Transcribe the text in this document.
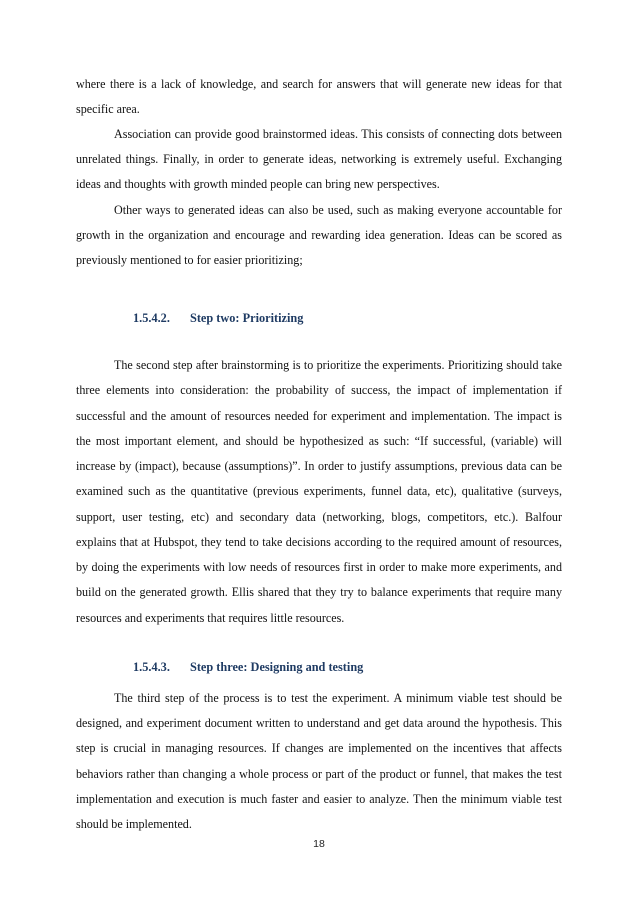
where there is a lack of knowledge, and search for answers that will generate new ideas for that specific area.

Association can provide good brainstormed ideas. This consists of connecting dots between unrelated things. Finally, in order to generate ideas, networking is extremely useful. Exchanging ideas and thoughts with growth minded people can bring new perspectives.

Other ways to generated ideas can also be used, such as making everyone accountable for growth in the organization and encourage and rewarding idea generation. Ideas can be scored as previously mentioned to for easier prioritizing;

1.5.4.2. Step two: Prioritizing

The second step after brainstorming is to prioritize the experiments. Prioritizing should take three elements into consideration: the probability of success, the impact of implementation if successful and the amount of resources needed for experiment and implementation. The impact is the most important element, and should be hypothesized as such: “If successful, (variable) will increase by (impact), because (assumptions)”. In order to justify assumptions, previous data can be examined such as the quantitative (previous experiments, funnel data, etc), qualitative (surveys, support, user testing, etc) and secondary data (networking, blogs, competitors, etc.). Balfour explains that at Hubspot, they tend to take decisions according to the required amount of resources, by doing the experiments with low needs of resources first in order to make more experiments, and build on the generated growth. Ellis shared that they try to balance experiments that require many resources and experiments that requires little resources.

1.5.4.3. Step three: Designing and testing

The third step of the process is to test the experiment. A minimum viable test should be designed, and experiment document written to understand and get data around the hypothesis. This step is crucial in managing resources. If changes are implemented on the incentives that affects behaviors rather than changing a whole process or part of the product or funnel, that makes the test implementation and execution is much faster and easier to analyze. Then the minimum viable test should be implemented.

18
